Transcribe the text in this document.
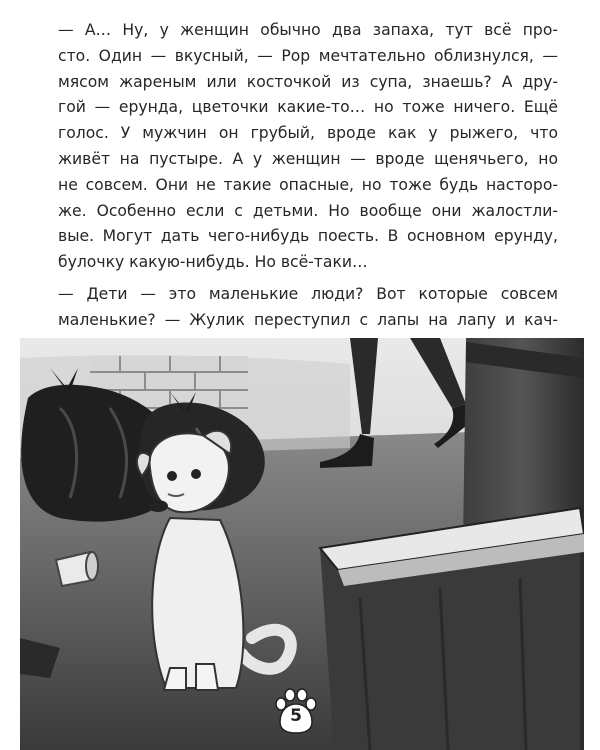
— А… Ну, у женщин обычно два запаха, тут всё про-
сто. Один — вкусный, — Рор мечтательно облизнулся, —
мясом жареным или косточкой из супа, знаешь? А дру-
гой — ерунда, цветочки какие-то… но тоже ничего. Ещё
голос. У мужчин он грубый, вроде как у рыжего, что
живёт на пустыре. А у женщин — вроде щенячьего, но
не совсем. Они не такие опасные, но тоже будь насторо-
же. Особенно если с детьми. Но вообще они жалостли-
вые. Могут дать чего-нибудь поесть. В основном ерунду,
булочку какую-нибудь. Но всё-таки…

— Дети — это маленькие люди? Вот которые совсем
маленькие? — Жулик переступил с лапы на лапу и кач-

5
